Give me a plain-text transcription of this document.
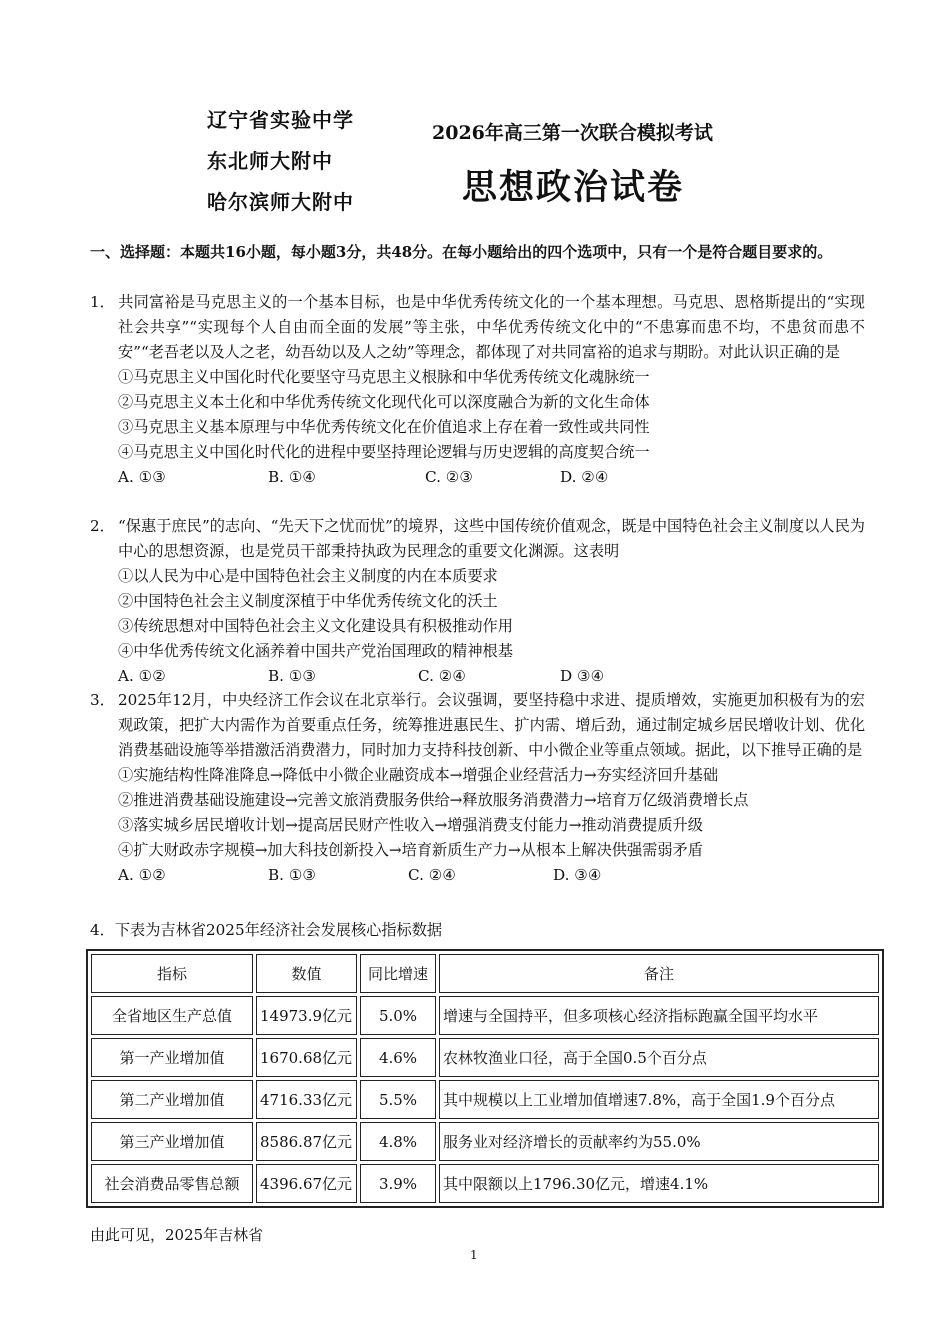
辽宁省实验中学
东北师大附中
哈尔滨师大附中
2026年高三第一次联合模拟考试
思想政治试卷
一、选择题：本题共16小题，每小题3分，共48分。在每小题给出的四个选项中，只有一个是符合题目要求的。

1． 共同富裕是马克思主义的一个基本目标，也是中华优秀传统文化的一个基本理想。马克思、恩格斯提出的“实现社会共享”“实现每个人自由而全面的发展”等主张，中华优秀传统文化中的“不患寡而患不均，不患贫而患不安”“老吾老以及人之老，幼吾幼以及人之幼”等理念，都体现了对共同富裕的追求与期盼。对此认识正确的是

①马克思主义中国化时代化要坚守马克思主义根脉和中华优秀传统文化魂脉统一

②马克思主义本土化和中华优秀传统文化现代化可以深度融合为新的文化生命体

③马克思主义基本原理与中华优秀传统文化在价值追求上存在着一致性或共同性

④马克思主义中国化时代化的进程中要坚持理论逻辑与历史逻辑的高度契合统一

A. ①③	B. ①④	C. ②③	D. ②④

2． “保惠于庶民”的志向、“先天下之忧而忧”的境界，这些中国传统价值观念，既是中国特色社会主义制度以人民为中心的思想资源，也是党员干部秉持执政为民理念的重要文化渊源。这表明

①以人民为中心是中国特色社会主义制度的内在本质要求

②中国特色社会主义制度深植于中华优秀传统文化的沃土

③传统思想对中国特色社会主义文化建设具有积极推动作用

④中华优秀传统文化涵养着中国共产党治国理政的精神根基

A. ①②	B. ①③	C. ②④	D ③④

3． 2025年12月，中央经济工作会议在北京举行。会议强调，要坚持稳中求进、提质增效，实施更加积极有为的宏观政策，把扩大内需作为首要重点任务，统筹推进惠民生、扩内需、增后劲，通过制定城乡居民增收计划、优化消费基础设施等举措激活消费潜力，同时加力支持科技创新、中小微企业等重点领域。据此，以下推导正确的是

①实施结构性降准降息→降低中小微企业融资成本→增强企业经营活力→夯实经济回升基础

②推进消费基础设施建设→完善文旅消费服务供给→释放服务消费潜力→培育万亿级消费增长点

③落实城乡居民增收计划→提高居民财产性收入→增强消费支付能力→推动消费提质升级

④扩大财政赤字规模→加大科技创新投入→培育新质生产力→从根本上解决供强需弱矛盾

A. ①②	B. ①③	C. ②④	D. ③④

4．下表为吉林省2025年经济社会发展核心指标数据

指标	数值	同比增速	备注
全省地区生产总值	14973.9亿元	5.0%	增速与全国持平，但多项核心经济指标跑赢全国平均水平
第一产业增加值	1670.68亿元	4.6%	农林牧渔业口径，高于全国0.5个百分点
第二产业增加值	4716.33亿元	5.5%	其中规模以上工业增加值增速7.8%，高于全国1.9个百分点
第三产业增加值	8586.87亿元	4.8%	服务业对经济增长的贡献率约为55.0%
社会消费品零售总额	4396.67亿元	3.9%	其中限额以上1796.30亿元，增速4.1%
由此可见，2025年吉林省
1
